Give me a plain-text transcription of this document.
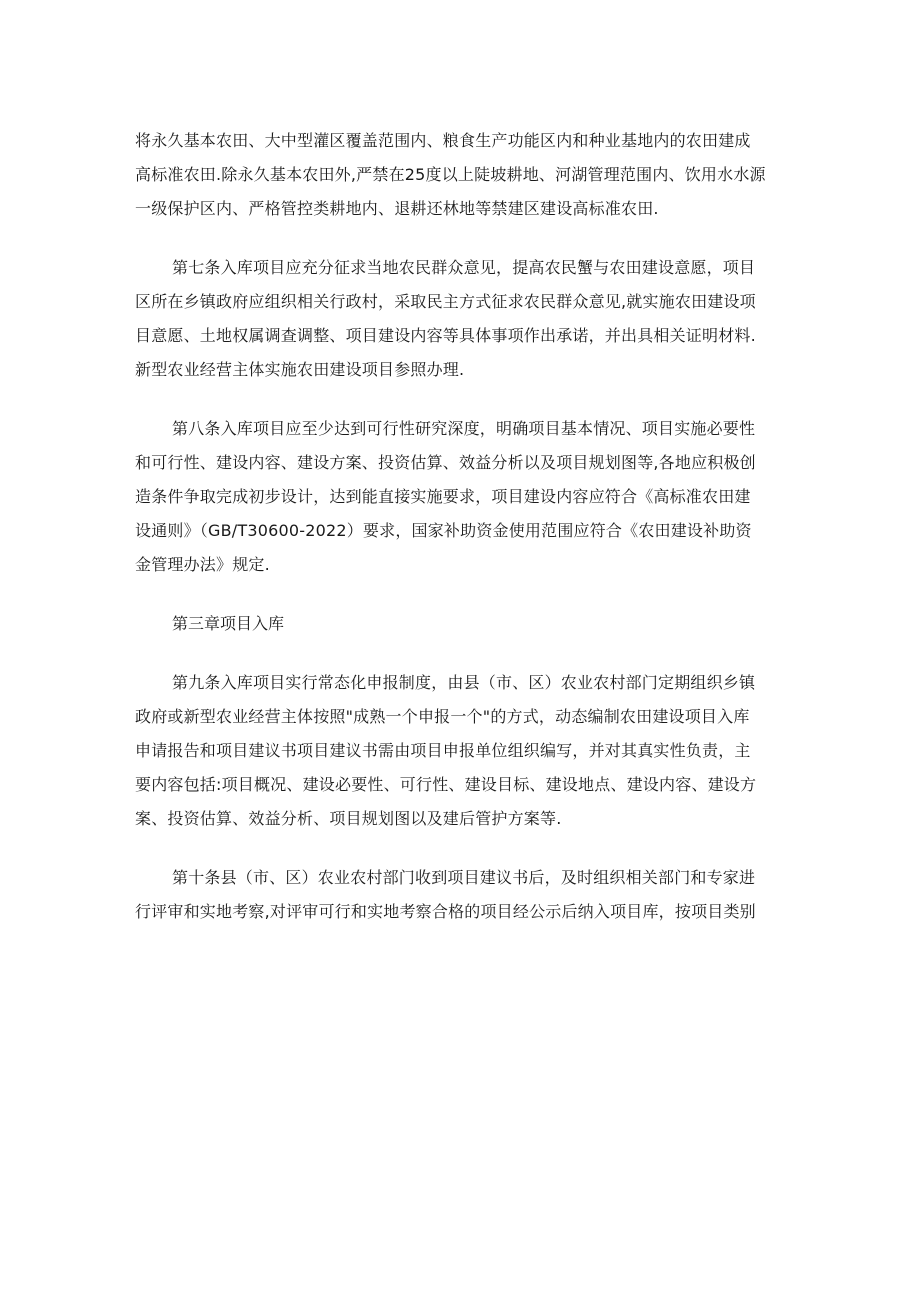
将永久基本农田、大中型灌区覆盖范围内、粮食生产功能区内和种业基地内的农田建成
高标准农田.除永久基本农田外,严禁在25度以上陡坡耕地、河湖管理范围内、饮用水水源
一级保护区内、严格管控类耕地内、退耕还林地等禁建区建设高标准农田.

第七条入库项目应充分征求当地农民群众意见，提高农民蟹与农田建设意愿，项目
区所在乡镇政府应组织相关行政村，采取民主方式征求农民群众意见,就实施农田建设项
目意愿、土地权属调查调整、项目建设内容等具体事项作出承诺，并出具相关证明材料.
新型农业经营主体实施农田建设项目参照办理.

第八条入库项目应至少达到可行性研究深度，明确项目基本情况、项目实施必要性
和可行性、建设内容、建设方案、投资估算、效益分析以及项目规划图等,各地应积极创
造条件争取完成初步设计，达到能直接实施要求，项目建设内容应符合《高标准农田建
设通则》（GB/T30600-2022）要求，国家补助资金使用范围应符合《农田建设补助资
金管理办法》规定.

第三章项目入库

第九条入库项目实行常态化申报制度，由县（市、区）农业农村部门定期组织乡镇
政府或新型农业经营主体按照"成熟一个申报一个"的方式，动态编制农田建设项目入库
申请报告和项目建议书项目建议书需由项目申报单位组织编写，并对其真实性负责，主
要内容包括:项目概况、建设必要性、可行性、建设目标、建设地点、建设内容、建设方
案、投资估算、效益分析、项目规划图以及建后管护方案等.

第十条县（市、区）农业农村部门收到项目建议书后，及时组织相关部门和专家进
行评审和实地考察,对评审可行和实地考察合格的项目经公示后纳入项目库，按项目类别
